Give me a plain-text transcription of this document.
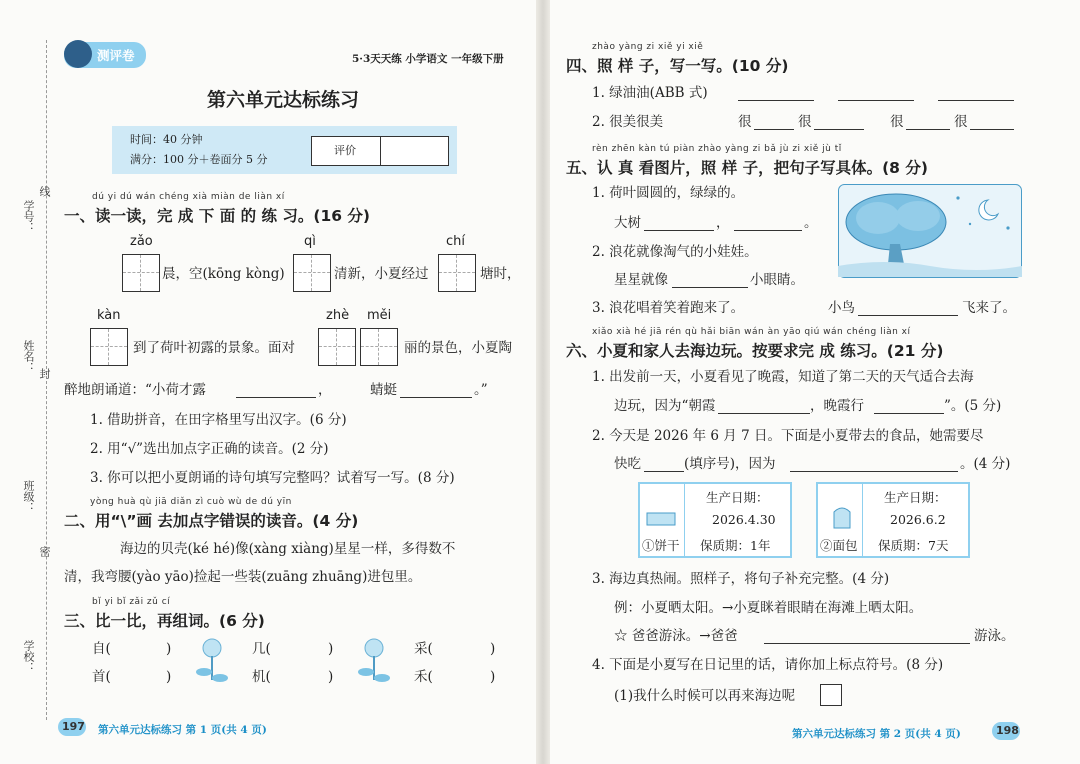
学号：
线
姓名：
封
班级：
密
学校：
测评卷	5·3天天练 小学语文 一年级下册
第六单元达标练习
时间：40 分钟
满分：100 分＋卷面分 5 分
评价
dú yi dú wán chéng xià miàn de liàn xí
一、读一读，完 成 下 面 的 练 习。(16 分)
zǎo	qì	chí
晨，空(kōng kòng)	清新，小夏经过	塘时，
kàn	zhè měi
到了荷叶初露的景象。面对	丽的景色，小夏陶
醉地朗诵道：“小荷才露	，	蜻蜓	。”
1. 借助拼音，在田字格里写出汉字。(6 分)
2. 用“√”选出加点字正确的读音。(2 分)
3. 你可以把小夏朗诵的诗句填写完整吗？试着写一写。(8 分)
yòng huà qù jiā diǎn zì cuò wù de dú yīn
二、用“\”画 去加点字错误的读音。(4 分)
海边的贝壳(ké hé)像(xàng xiàng)星星一样，多得数不
清，我弯腰(yào yāo)捡起一些装(zuāng zhuāng)进包里。
bǐ yi bǐ zǎi zǔ cí
三、比一比，再组词。(6 分)
自(	)	几(	)	采(	)
首(	)	机(	)	禾(	)
197 第六单元达标练习 第 1 页(共 4 页)
zhào yàng zi xiě yi xiě
四、照 样 子，写一写。(10 分)
1. 绿油油(ABB 式)
2. 很美很美	很	很	很	很
rèn zhēn kàn tú piàn zhào yàng zi bǎ jù zi xiě jù tǐ
五、认 真 看图片，照 样 子，把句子写具体。(8 分)
1. 荷叶圆圆的，绿绿的。
大树	，	。
2. 浪花就像淘气的小娃娃。
星星就像	小眼睛。
3. 浪花唱着笑着跑来了。	小鸟	飞来了。
xiǎo xià hé jiā rén qù hǎi biān wán àn yāo qiú wán chéng liàn xí
六、小夏和家人去海边玩。按要求完 成 练习。(21 分)
1. 出发前一天，小夏看见了晚霞，知道了第二天的天气适合去海
边玩，因为“朝霞	，晚霞行	”。(5 分)
2. 今天是 2026 年 6 月 7 日。下面是小夏带去的食品，她需要尽
快吃	(填序号)，因为	。(4 分)
生产日期：
2026.4.30
①饼干 保质期：1年
生产日期：
2026.6.2
②面包 保质期：7天
3. 海边真热闹。照样子，将句子补充完整。(4 分)
例：小夏晒太阳。→小夏眯着眼睛在海滩上晒太阳。
☆ 爸爸游泳。→爸爸	游泳。
4. 下面是小夏写在日记里的话，请你加上标点符号。(8 分)
(1)我什么时候可以再来海边呢
第六单元达标练习 第 2 页(共 4 页)	198
